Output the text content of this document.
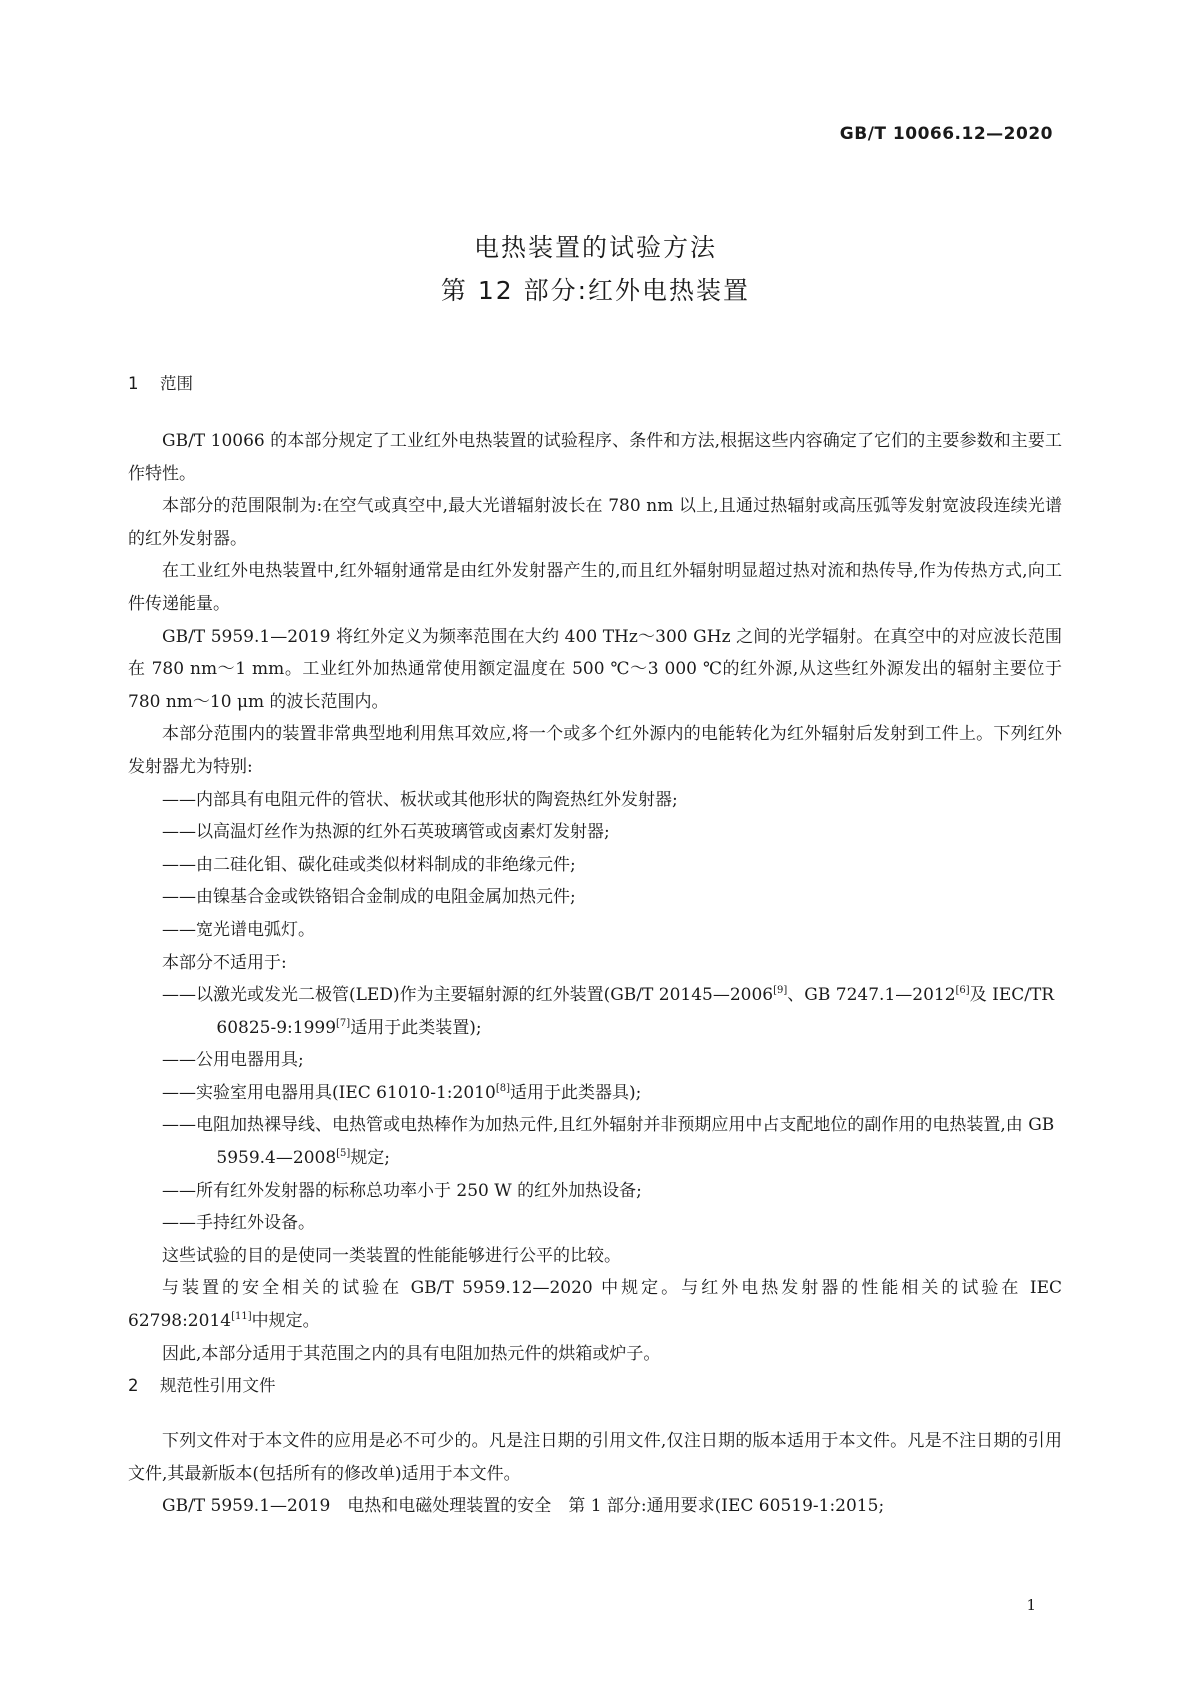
GB/T 10066.12—2020
电热装置的试验方法
第 12 部分:红外电热装置
1 范围

GB/T 10066 的本部分规定了工业红外电热装置的试验程序、条件和方法,根据这些内容确定了它们的主要参数和主要工作特性。

本部分的范围限制为:在空气或真空中,最大光谱辐射波长在 780 nm 以上,且通过热辐射或高压弧等发射宽波段连续光谱的红外发射器。

在工业红外电热装置中,红外辐射通常是由红外发射器产生的,而且红外辐射明显超过热对流和热传导,作为传热方式,向工件传递能量。

GB/T 5959.1—2019 将红外定义为频率范围在大约 400 THz～300 GHz 之间的光学辐射。在真空中的对应波长范围在 780 nm～1 mm。工业红外加热通常使用额定温度在 500 ℃～3 000 ℃的红外源,从这些红外源发出的辐射主要位于 780 nm～10 μm 的波长范围内。

本部分范围内的装置非常典型地利用焦耳效应,将一个或多个红外源内的电能转化为红外辐射后发射到工件上。下列红外发射器尤为特别:

——内部具有电阻元件的管状、板状或其他形状的陶瓷热红外发射器;

——以高温灯丝作为热源的红外石英玻璃管或卤素灯发射器;

——由二硅化钼、碳化硅或类似材料制成的非绝缘元件;

——由镍基合金或铁铬铝合金制成的电阻金属加热元件;

——宽光谱电弧灯。

本部分不适用于:

——以激光或发光二极管(LED)作为主要辐射源的红外装置(GB/T 20145—2006[9]、GB 7247.1—2012[6]及 IEC/TR 60825-9:1999[7]适用于此类装置);

——公用电器用具;

——实验室用电器用具(IEC 61010-1:2010[8]适用于此类器具);

——电阻加热裸导线、电热管或电热棒作为加热元件,且红外辐射并非预期应用中占支配地位的副作用的电热装置,由 GB 5959.4—2008[5]规定;

——所有红外发射器的标称总功率小于 250 W 的红外加热设备;

——手持红外设备。

这些试验的目的是使同一类装置的性能能够进行公平的比较。

与装置的安全相关的试验在 GB/T 5959.12—2020 中规定。与红外电热发射器的性能相关的试验在 IEC 62798:2014[11]中规定。

因此,本部分适用于其范围之内的具有电阻加热元件的烘箱或炉子。

2 规范性引用文件

下列文件对于本文件的应用是必不可少的。凡是注日期的引用文件,仅注日期的版本适用于本文件。凡是不注日期的引用文件,其最新版本(包括所有的修改单)适用于本文件。

GB/T 5959.1—2019　电热和电磁处理装置的安全　第 1 部分:通用要求(IEC 60519-1:2015;

1
